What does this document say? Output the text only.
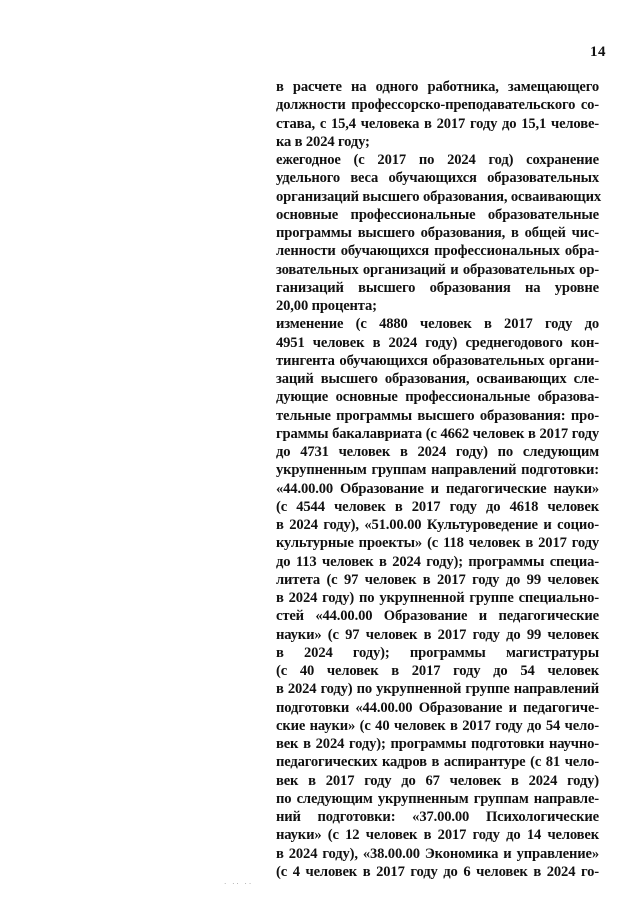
14
в расчете на одного работника, замещающего
должности профессорско-преподавательского со-
става, с 15,4 человека в 2017 году до 15,1 челове-
ка в 2024 году;
ежегодное (с 2017 по 2024 год) сохранение
удельного веса обучающихся образовательных
организаций высшего образования, осваивающих
основные профессиональные образовательные
программы высшего образования, в общей чис-
ленности обучающихся профессиональных обра-
зовательных организаций и образовательных ор-
ганизаций высшего образования на уровне
20,00 процента;
изменение (с 4880 человек в 2017 году до
4951 человек в 2024 году) среднегодового кон-
тингента обучающихся образовательных органи-
заций высшего образования, осваивающих сле-
дующие основные профессиональные образова-
тельные программы высшего образования: про-
граммы бакалавриата (с 4662 человек в 2017 году
до 4731 человек в 2024 году) по следующим
укрупненным группам направлений подготовки:
«44.00.00 Образование и педагогические науки»
(с 4544 человек в 2017 году до 4618 человек
в 2024 году), «51.00.00 Культуроведение и социо-
культурные проекты» (с 118 человек в 2017 году
до 113 человек в 2024 году); программы специа-
литета (с 97 человек в 2017 году до 99 человек
в 2024 году) по укрупненной группе специально-
стей «44.00.00 Образование и педагогические
науки» (с 97 человек в 2017 году до 99 человек
в 2024 году); программы магистратуры
(с 40 человек в 2017 году до 54 человек
в 2024 году) по укрупненной группе направлений
подготовки «44.00.00 Образование и педагогиче-
ские науки» (с 40 человек в 2017 году до 54 чело-
век в 2024 году); программы подготовки научно-
педагогических кадров в аспирантуре (с 81 чело-
век в 2017 году до 67 человек в 2024 году)
по следующим укрупненным группам направле-
ний подготовки: «37.00.00 Психологические
науки» (с 12 человек в 2017 году до 14 человек
в 2024 году), «38.00.00 Экономика и управление»
(с 4 человек в 2017 году до 6 человек в 2024 го-
· ·· ··
